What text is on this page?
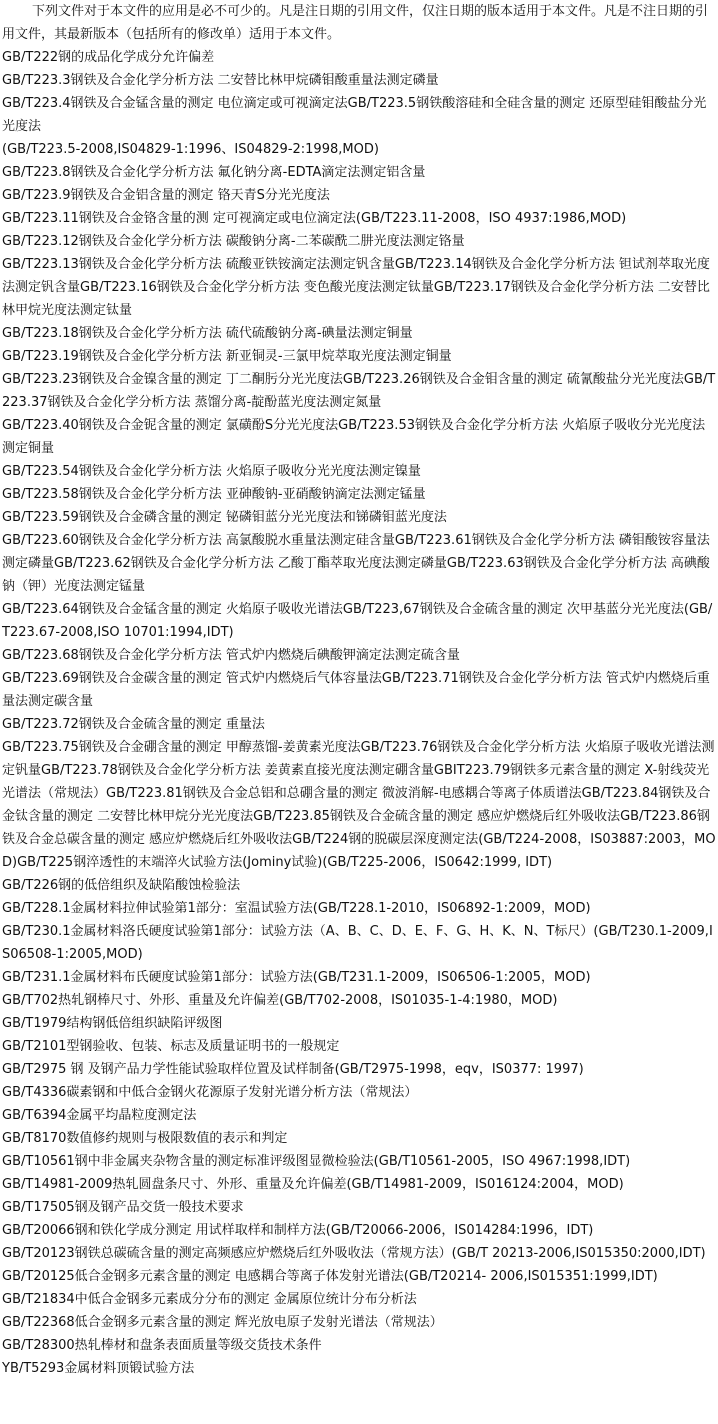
下列文件对于本文件的应用是必不可少的。凡是注日期的引用文件，仅注日期的版本适用于本文件。凡是不注日期的引用文件，其最新版本（包括所有的修改单）适用于本文件。

GB/T222钢的成品化学成分允许偏差

GB/T223.3钢铁及合金化学分析方法 二安替比林甲烷磷钼酸重量法测定磷量

GB/T223.4钢铁及合金锰含量的测定 电位滴定或可视滴定法GB/T223.5钢铁酸溶硅和全硅含量的测定 还原型硅钼酸盐分光光度法

(GB/T223.5-2008,IS04829-1:1996、IS04829-2:1998,MOD)

GB/T223.8钢铁及合金化学分析方法 氟化钠分离-EDTA滴定法测定铝含量

GB/T223.9钢铁及合金铝含量的测定 铬天青S分光光度法

GB/T223.11钢铁及合金铬含量的测 定可视滴定或电位滴定法(GB/T223.11-2008，ISO 4937:1986,MOD)

GB/T223.12钢铁及合金化学分析方法 碳酸钠分离-二苯碳酰二肼光度法测定铬量

GB/T223.13钢铁及合金化学分析方法 硫酸亚铁铵滴定法测定钒含量GB/T223.14钢铁及合金化学分析方法 钽试剂萃取光度法测定钒含量GB/T223.16钢铁及合金化学分析方法 变色酸光度法测定钛量GB/T223.17钢铁及合金化学分析方法 二安替比林甲烷光度法测定钛量

GB/T223.18钢铁及合金化学分析方法 硫代硫酸钠分离-碘量法测定铜量

GB/T223.19钢铁及合金化学分析方法 新亚铜灵-三氯甲烷萃取光度法测定铜量

GB/T223.23钢铁及合金镍含量的测定 丁二酮肟分光光度法GB/T223.26钢铁及合金钼含量的测定 硫氰酸盐分光光度法GB/T223.37钢铁及合金化学分析方法 蒸馏分离-靛酚蓝光度法测定氮量

GB/T223.40钢铁及合金铌含量的测定 氯磺酚S分光光度法GB/T223.53钢铁及合金化学分析方法 火焰原子吸收分光光度法测定铜量

GB/T223.54钢铁及合金化学分析方法 火焰原子吸收分光光度法测定镍量

GB/T223.58钢铁及合金化学分析方法 亚砷酸钠-亚硝酸钠滴定法测定锰量

GB/T223.59钢铁及合金磷含量的测定 铋磷钼蓝分光光度法和锑磷钼蓝光度法

GB/T223.60钢铁及合金化学分析方法 高氯酸脱水重量法测定硅含量GB/T223.61钢铁及合金化学分析方法 磷钼酸铵容量法测定磷量GB/T223.62钢铁及合金化学分析方法 乙酸丁酯萃取光度法测定磷量GB/T223.63钢铁及合金化学分析方法 高碘酸钠（钾）光度法测定锰量

GB/T223.64钢铁及合金锰含量的测定 火焰原子吸收光谱法GB/T223,67钢铁及合金硫含量的测定 次甲基蓝分光光度法(GB/T223.67-2008,ISO 10701:1994,IDT)

GB/T223.68钢铁及合金化学分析方法 管式炉内燃烧后碘酸钾滴定法测定硫含量

GB/T223.69钢铁及合金碳含量的测定 管式炉内燃烧后气体容量法GB/T223.71钢铁及合金化学分析方法 管式炉内燃烧后重量法测定碳含量

GB/T223.72钢铁及合金硫含量的测定 重量法

GB/T223.75钢铁及合金硼含量的测定 甲醇蒸馏-姜黄素光度法GB/T223.76钢铁及合金化学分析方法 火焰原子吸收光谱法测定钒量GB/T223.78钢铁及合金化学分析方法 姜黄素直接光度法测定硼含量GBIT223.79钢铁多元素含量的测定 X-射线荧光光谱法（常规法）GB/T223.81钢铁及合金总铝和总硼含量的测定 微波消解-电感耦合等离子体质谱法GB/T223.84钢铁及合金钛含量的测定 二安替比林甲烷分光光度法GB/T223.85钢铁及合金硫含量的测定 感应炉燃烧后红外吸收法GB/T223.86钢铁及合金总碳含量的测定 感应炉燃烧后红外吸收法GB/T224钢的脱碳层深度测定法(GB/T224-2008，IS03887:2003，MOD)GB/T225钢淬透性的末端淬火试验方法(Jominy试验)(GB/T225-2006，IS0642:1999, IDT)

GB/T226钢的低倍组织及缺陷酸蚀检验法

GB/T228.1金属材料拉伸试验第1部分：室温试验方法(GB/T228.1-2010，IS06892-1:2009，MOD)

GB/T230.1金属材料洛氏硬度试验第1部分：试验方法（A、B、C、D、E、F、G、H、K、N、T标尺）(GB/T230.1-2009,IS06508-1:2005,MOD)

GB/T231.1金属材料布氏硬度试验第1部分：试验方法(GB/T231.1-2009，IS06506-1:2005，MOD)

GB/T702热轧钢棒尺寸、外形、重量及允许偏差(GB/T702-2008，IS01035-1-4:1980，MOD)

GB/T1979结构钢低倍组织缺陷评级图

GB/T2101型钢验收、包装、标志及质量证明书的一般规定

GB/T2975 钢 及钢产品力学性能试验取样位置及试样制备(GB/T2975-1998，eqv，IS0377: 1997)

GB/T4336碳素钢和中低合金钢火花源原子发射光谱分析方法（常规法）

GB/T6394金属平均晶粒度测定法

GB/T8170数值修约规则与极限数值的表示和判定

GB/T10561钢中非金属夹杂物含量的测定标准评级图显微检验法(GB/T10561-2005，ISO 4967:1998,IDT)

GB/T14981-2009热轧圆盘条尺寸、外形、重量及允许偏差(GB/T14981-2009，IS016124:2004，MOD)

GB/T17505钢及钢产品交货一般技术要求

GB/T20066钢和铁化学成分测定 用试样取样和制样方法(GB/T20066-2006，IS014284:1996，IDT)

GB/T20123钢铁总碳硫含量的测定高频感应炉燃烧后红外吸收法（常规方法）(GB/T 20213-2006,IS015350:2000,IDT)

GB/T20125低合金钢多元素含量的测定 电感耦合等离子体发射光谱法(GB/T20214- 2006,IS015351:1999,IDT)

GB/T21834中低合金钢多元素成分分布的测定 金属原位统计分布分析法

GB/T22368低合金钢多元素含量的测定 辉光放电原子发射光谱法（常规法）

GB/T28300热轧棒材和盘条表面质量等级交货技术条件

YB/T5293金属材料顶锻试验方法
